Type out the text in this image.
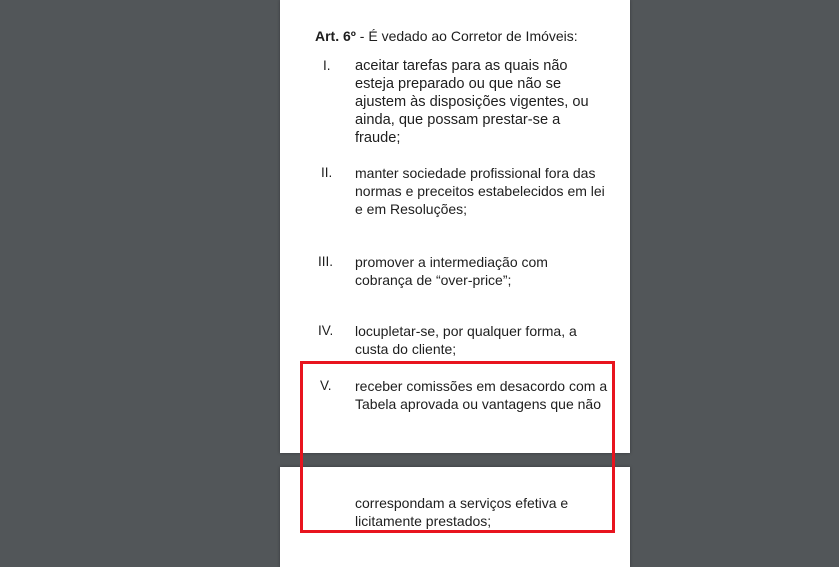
Art. 6º - É vedado ao Corretor de Imóveis:

I. aceitar tarefas para as quais não
esteja preparado ou que não se
ajustem às disposições vigentes, ou
ainda, que possam prestar-se a
fraude;
II. manter sociedade profissional fora das
normas e preceitos estabelecidos em lei
e em Resoluções;
III. promover a intermediação com
cobrança de “over-price”;
IV. locupletar-se, por qualquer forma, a
custa do cliente;
V. receber comissões em desacordo com a
Tabela aprovada ou vantagens que não
correspondam a serviços efetiva e
licitamente prestados;
